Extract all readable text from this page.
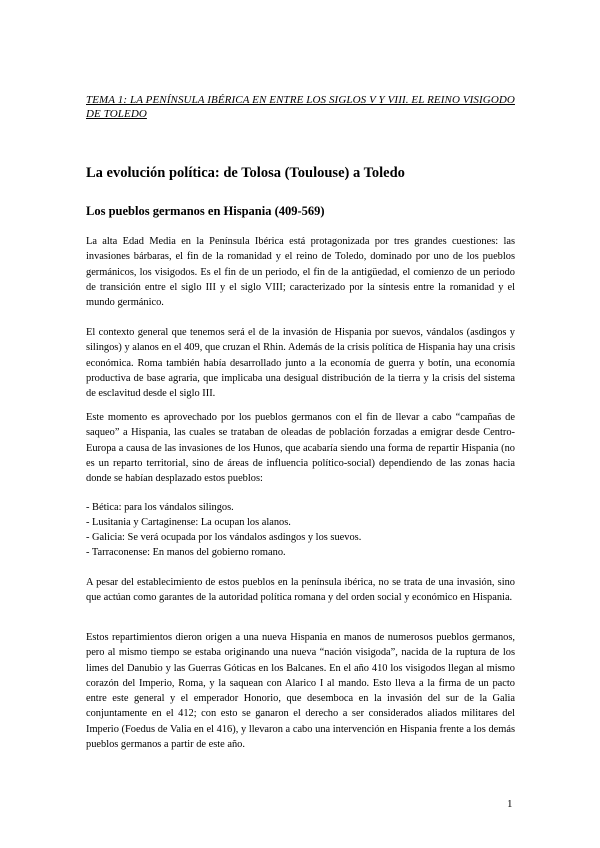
TEMA 1: LA PENÍNSULA IBÉRICA EN ENTRE LOS SIGLOS V Y VIII. EL REINO VISIGODO DE TOLEDO
La evolución política: de Tolosa (Toulouse) a Toledo
Los pueblos germanos en Hispania (409-569)

La alta Edad Media en la Península Ibérica está protagonizada por tres grandes cuestiones: las invasiones bárbaras, el fin de la romanidad y el reino de Toledo, dominado por uno de los pueblos germánicos, los visigodos. Es el fin de un periodo, el fin de la antigüedad, el comienzo de un periodo de transición entre el siglo III y el siglo VIII; caracterizado por la síntesis entre la romanidad y el mundo germánico.

El contexto general que tenemos será el de la invasión de Hispania por suevos, vándalos (asdingos y silingos) y alanos en el 409, que cruzan el Rhin. Además de la crisis política de Hispania hay una crisis económica. Roma también había desarrollado junto a la economía de guerra y botín, una economía productiva de base agraria, que implicaba una desigual distribución de la tierra y la crisis del sistema de esclavitud desde el siglo III.

Este momento es aprovechado por los pueblos germanos con el fin de llevar a cabo “campañas de saqueo” a Hispania, las cuales se trataban de oleadas de población forzadas a emigrar desde Centro-Europa a causa de las invasiones de los Hunos, que acabaría siendo una forma de repartir Hispania (no es un reparto territorial, sino de áreas de influencia político-social) dependiendo de las zonas hacia donde se habían desplazado estos pueblos:

- Bética: para los vándalos silingos.

- Lusitania y Cartaginense: La ocupan los alanos.

- Galicia: Se verá ocupada por los vándalos asdingos y los suevos.

- Tarraconense: En manos del gobierno romano.

A pesar del establecimiento de estos pueblos en la península ibérica, no se trata de una invasión, sino que actúan como garantes de la autoridad política romana y del orden social y económico en Hispania.

Estos repartimientos dieron origen a una nueva Hispania en manos de numerosos pueblos germanos, pero al mismo tiempo se estaba originando una nueva “nación visigoda”, nacida de la ruptura de los limes del Danubio y las Guerras Góticas en los Balcanes. En el año 410 los visigodos llegan al mismo corazón del Imperio, Roma, y la saquean con Alarico I al mando. Esto lleva a la firma de un pacto entre este general y el emperador Honorio, que desemboca en la invasión del sur de la Galia conjuntamente en el 412; con esto se ganaron el derecho a ser considerados aliados militares del Imperio (Foedus de Valia en el 416), y llevaron a cabo una intervención en Hispania frente a los demás pueblos germanos a partir de este año.

1
